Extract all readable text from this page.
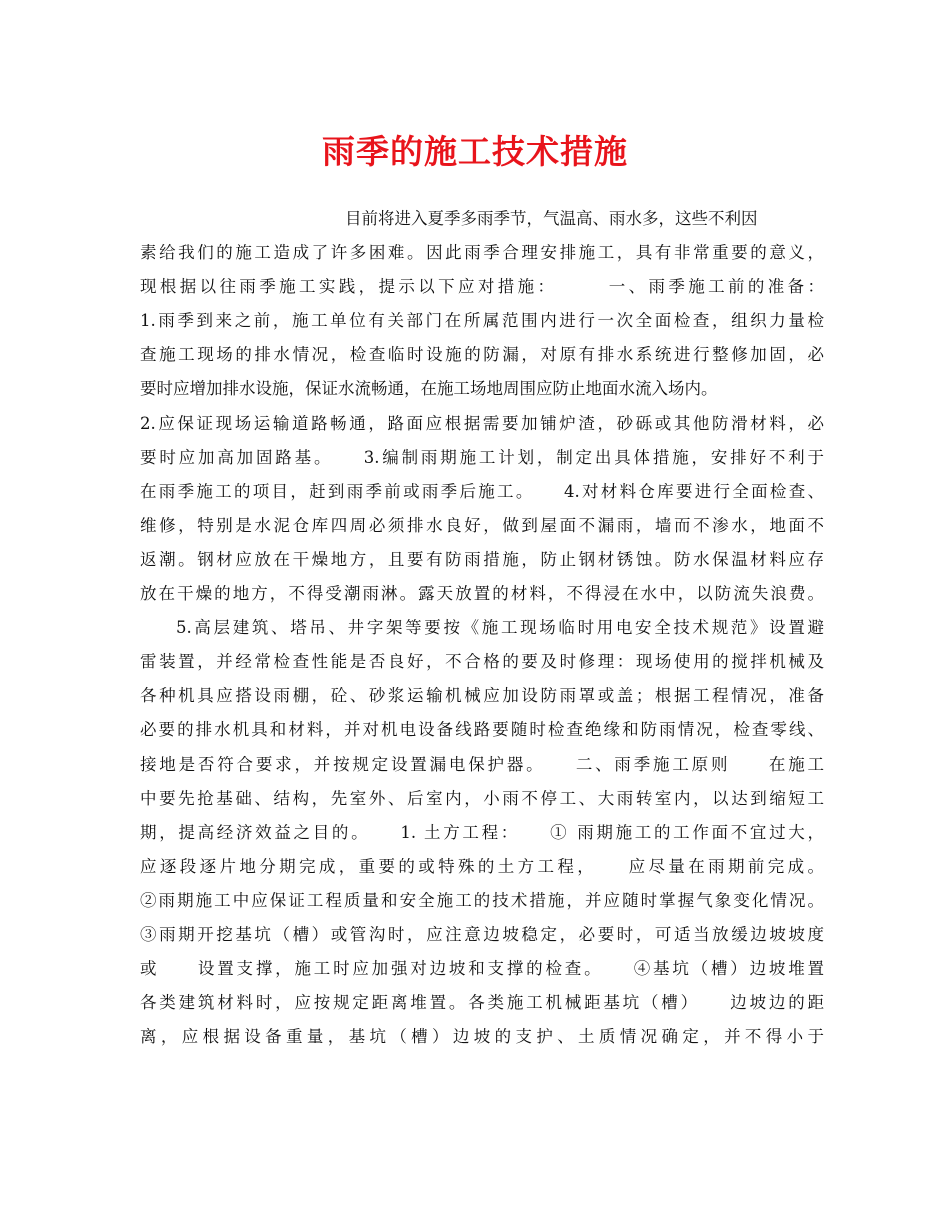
雨季的施工技术措施
目前将进入夏季多雨季节，气温高、雨水多，这些不利因
素给我们的施工造成了许多困难。因此雨季合理安排施工，具有非常重要的意义，
现根据以往雨季施工实践，提示以下应对措施：　　　一、雨季施工前的准备：
1.雨季到来之前，施工单位有关部门在所属范围内进行一次全面检查，组织力量检
查施工现场的排水情况，检查临时设施的防漏，对原有排水系统进行整修加固，必
要时应增加排水设施，保证水流畅通，在施工场地周围应防止地面水流入场内。
2.应保证现场运输道路畅通，路面应根据需要加铺炉渣，砂砾或其他防滑材料，必
要时应加高加固路基。　　3.编制雨期施工计划，制定出具体措施，安排好不利于
在雨季施工的项目，赶到雨季前或雨季后施工。　　4.对材料仓库要进行全面检查、
维修，特别是水泥仓库四周必须排水良好，做到屋面不漏雨，墙而不渗水，地面不
返潮。钢材应放在干燥地方，且要有防雨措施，防止钢材锈蚀。防水保温材料应存
放在干燥的地方，不得受潮雨淋。露天放置的材料，不得浸在水中，以防流失浪费。
5.高层建筑、塔吊、井字架等要按《施工现场临时用电安全技术规范》设置避
雷装置，并经常检查性能是否良好，不合格的要及时修理：现场使用的搅拌机械及
各种机具应搭设雨棚，砼、砂浆运输机械应加设防雨罩或盖；根据工程情况，准备
必要的排水机具和材料，并对机电设备线路要随时检查绝缘和防雨情况，检查零线、
接地是否符合要求，并按规定设置漏电保护器。　　二、雨季施工原则　　在施工
中要先抢基础、结构，先室外、后室内，小雨不停工、大雨转室内，以达到缩短工
期，提高经济效益之目的。　　1. 土方工程：　　① 雨期施工的工作面不宜过大，
应逐段逐片地分期完成，重要的或特殊的土方工程，　　应尽量在雨期前完成。
②雨期施工中应保证工程质量和安全施工的技术措施，并应随时掌握气象变化情况。
③雨期开挖基坑（槽）或管沟时，应注意边坡稳定，必要时，可适当放缓边坡坡度
或　　设置支撑，施工时应加强对边坡和支撑的检查。　　④基坑（槽）边坡堆置
各类建筑材料时，应按规定距离堆置。各类施工机械距基坑（槽）　　边坡边的距
离，应根据设备重量，基坑（槽）边坡的支护、土质情况确定，并不得小于
